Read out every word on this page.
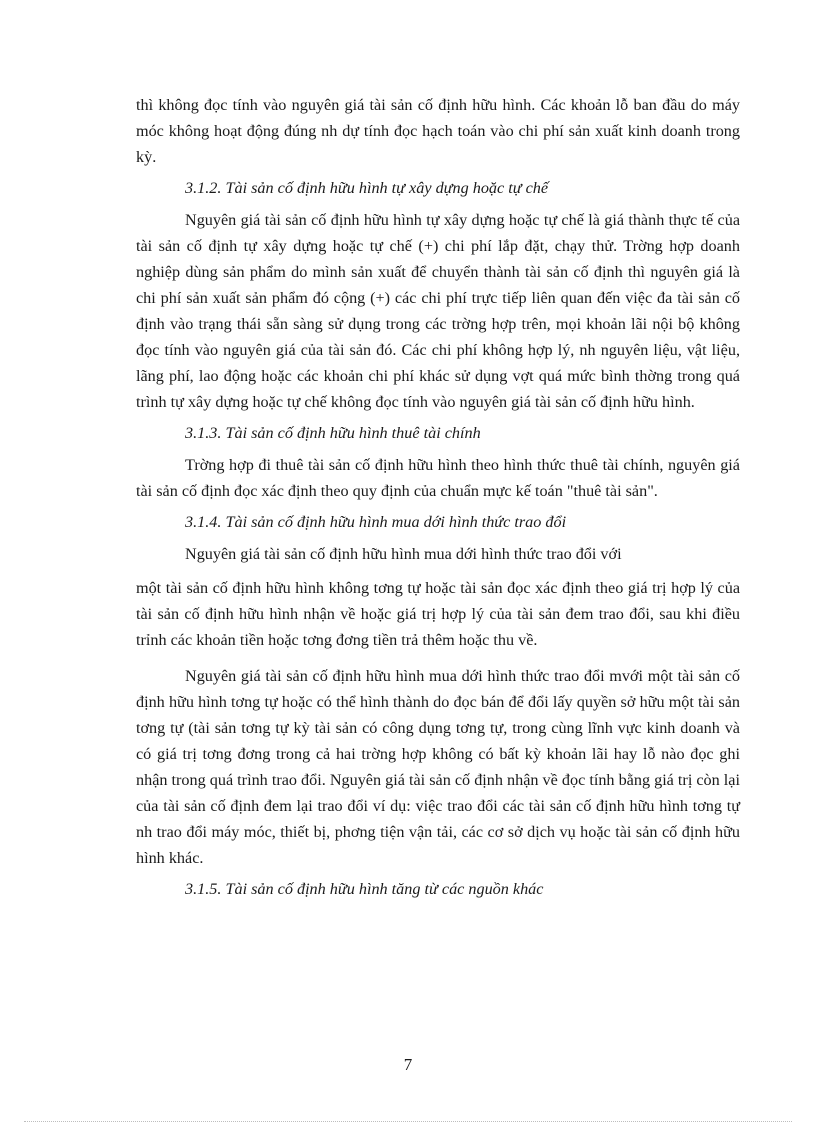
thì không đọc tính vào nguyên giá tài sản cố định hữu hình. Các khoản lỗ ban đầu do máy móc không hoạt động đúng nh dự tính đọc hạch toán vào chi phí sản xuất kinh doanh trong kỳ.

3.1.2. Tài sản cố định hữu hình tự xây dựng hoặc tự chế

Nguyên giá tài sản cố định hữu hình tự xây dựng hoặc tự chế là giá thành thực tế của tài sản cố định tự xây dựng hoặc tự chế (+) chi phí lắp đặt, chạy thử. Trờng hợp doanh nghiệp dùng sản phẩm do mình sản xuất để chuyển thành tài sản cố định thì nguyên giá là chi phí sản xuất sản phẩm đó cộng (+) các chi phí trực tiếp liên quan đến việc đa tài sản cố định vào trạng thái sẵn sàng sử dụng trong các trờng hợp trên, mọi khoản lãi nội bộ không đọc tính vào nguyên giá của tài sản đó. Các chi phí không hợp lý, nh nguyên liệu, vật liệu, lãng phí, lao động hoặc các khoản chi phí khác sử dụng vợt quá mức bình thờng trong quá trình tự xây dựng hoặc tự chế không đọc tính vào nguyên giá tài sản cố định hữu hình.

3.1.3. Tài sản cố định hữu hình thuê tài chính

Trờng hợp đi thuê tài sản cố định hữu hình theo hình thức thuê tài chính, nguyên giá tài sản cố định đọc xác định theo quy định của chuẩn mực kế toán "thuê tài sản".

3.1.4. Tài sản cố định hữu hình mua dới hình thức trao đổi

Nguyên giá tài sản cố định hữu hình mua dới hình thức trao đổi với

một tài sản cố định hữu hình không tơng tự hoặc tài sản đọc xác định theo giá trị hợp lý của tài sản cố định hữu hình nhận về hoặc giá trị hợp lý của tài sản đem trao đổi, sau khi điều trỉnh các khoản tiền hoặc tơng đơng tiền trả thêm hoặc thu về.

Nguyên giá tài sản cố định hữu hình mua dới hình thức trao đổi mvới một tài sản cố định hữu hình tơng tự hoặc có thể hình thành do đọc bán để đổi lấy quyền sở hữu một tài sản tơng tự (tài sản tơng tự kỳ tài sản có công dụng tơng tự, trong cùng lĩnh vực kinh doanh và có giá trị tơng đơng trong cả hai trờng hợp không có bất kỳ khoản lãi hay lỗ nào đọc ghi nhận trong quá trình trao đổi. Nguyên giá tài sản cố định nhận về đọc tính bằng giá trị còn lại của tài sản cố định đem lại trao đổi ví dụ: việc trao đổi các tài sản cố định hữu hình tơng tự nh trao đổi máy móc, thiết bị, phơng tiện vận tải, các cơ sở dịch vụ hoặc tài sản cố định hữu hình khác.

3.1.5. Tài sản cố định hữu hình tăng từ các nguồn khác
7
